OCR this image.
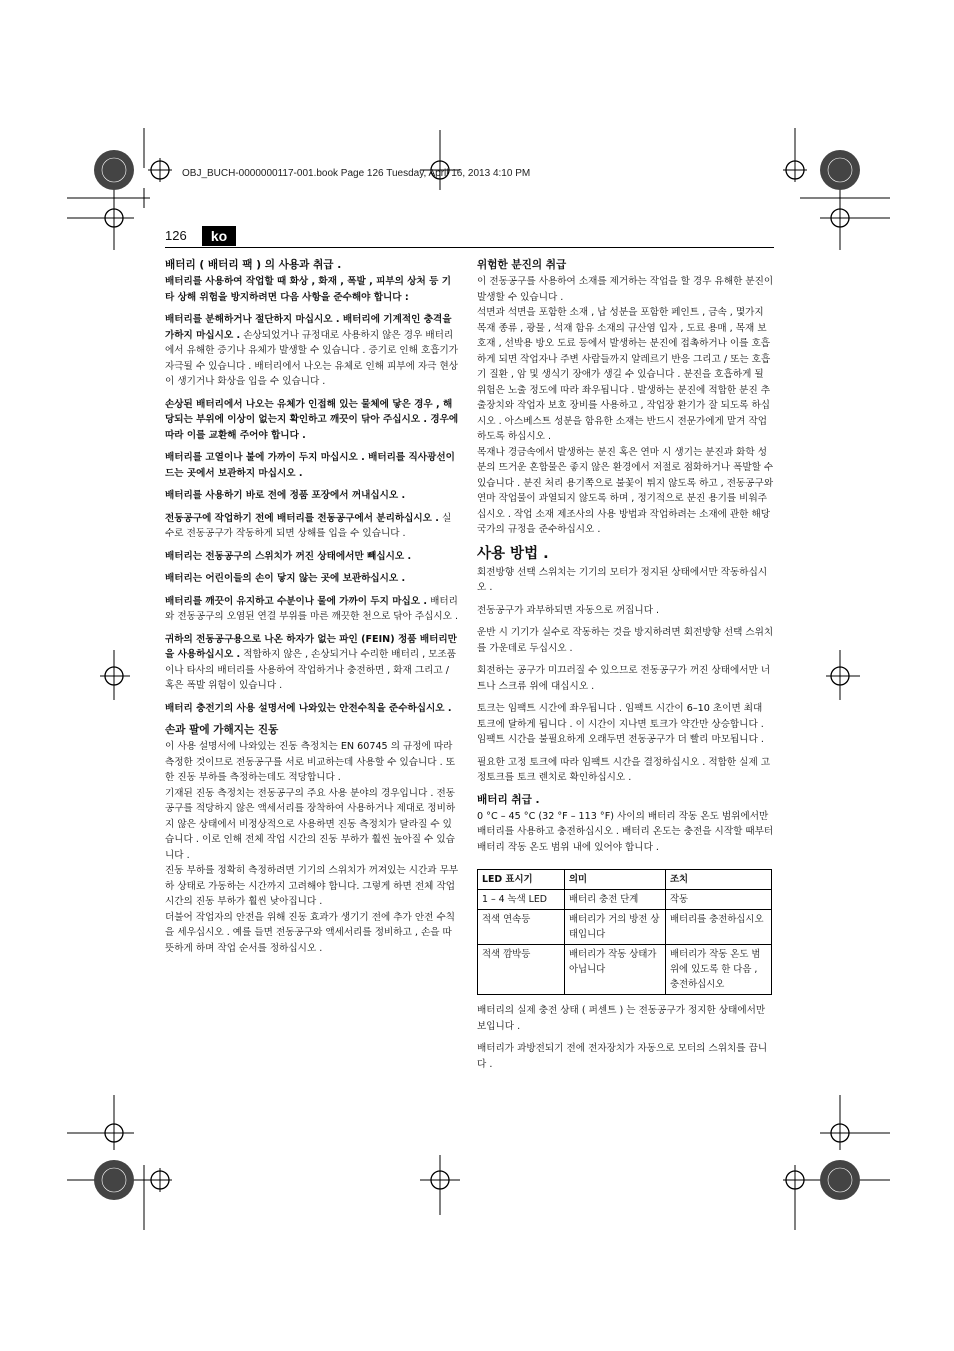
OBJ_BUCH-0000000117-001.book Page 126 Tuesday, April 16, 2013 4:10 PM
126	ko
배터리 ( 배터리 팩 ) 의 사용과 취급 .

배터리를 사용하여 작업할 때 화상 , 화재 , 폭발 , 피부의 상처 등 기타 상해 위험을 방지하려면 다음 사항을 준수해야 합니다 :

배터리를 분해하거나 절단하지 마십시오 . 배터리에 기계적인 충격을 가하지 마십시오 . 손상되었거나 규정대로 사용하지 않은 경우 배터리에서 유해한 증기나 유체가 발생할 수 있습니다 . 증기로 인해 호흡기가 자극될 수 있습니다 . 배터리에서 나오는 유체로 인해 피부에 자극 현상이 생기거나 화상을 입을 수 있습니다 .

손상된 배터리에서 나오는 유체가 인접해 있는 물체에 닿은 경우 , 해당되는 부위에 이상이 없는지 확인하고 깨끗이 닦아 주십시오 . 경우에 따라 이를 교환해 주어야 합니다 .

배터리를 고열이나 불에 가까이 두지 마십시오 . 배터리를 직사광선이 드는 곳에서 보관하지 마십시오 .

배터리를 사용하기 바로 전에 정품 포장에서 꺼내십시오 .

전동공구에 작업하기 전에 배터리를 전동공구에서 분리하십시오 . 실수로 전동공구가 작동하게 되면 상해를 입을 수 있습니다 .

배터리는 전동공구의 스위치가 꺼진 상태에서만 빼십시오 .

배터리는 어린이들의 손이 닿지 않는 곳에 보관하십시오 .

배터리를 깨끗이 유지하고 수분이나 물에 가까이 두지 마십오 . 배터리와 전동공구의 오염된 연결 부위를 마른 깨끗한 천으로 닦아 주십시오 .

귀하의 전동공구용으로 나온 하자가 없는 파인 (FEIN) 정품 배터리만을 사용하십시오 . 적합하지 않은 , 손상되거나 수리한 배터리 , 모조품이나 타사의 배터리를 사용하여 작업하거나 충전하면 , 화재 그리고 / 혹은 폭발 위험이 있습니다 .

배터리 충전기의 사용 설명서에 나와있는 안전수칙을 준수하십시오 .

손과 팔에 가해지는 진동

이 사용 설명서에 나와있는 진동 측정치는 EN 60745 의 규정에 따라 측정한 것이므로 전동공구를 서로 비교하는데 사용할 수 있습니다 . 또한 진동 부하를 측정하는데도 적당합니다 .

기재된 진동 측정치는 전동공구의 주요 사용 분야의 경우입니다 . 전동공구를 적당하지 않은 액세서리를 장착하여 사용하거나 제대로 정비하지 않은 상태에서 비정상적으로 사용하면 진동 측정치가 달라질 수 있습니다 . 이로 인해 전체 작업 시간의 진동 부하가 훨씬 높아질 수 있습니다 .

진동 부하를 정확히 측정하려면 기기의 스위치가 꺼져있는 시간과 무부하 상태로 가동하는 시간까지 고려해야 합니다. 그렇게 하면 전체 작업 시간의 진동 부하가 훨씬 낮아집니다 .

더불어 작업자의 안전을 위해 진동 효과가 생기기 전에 추가 안전 수칙을 세우십시오 . 예를 들면 전동공구와 액세서리를 정비하고 , 손을 따뜻하게 하며 작업 순서를 정하십시오 .

위험한 분진의 취급

이 전동공구를 사용하여 소재를 제거하는 작업을 할 경우 유해한 분진이 발생할 수 있습니다 .

석면과 석면을 포함한 소재 , 납 성분을 포함한 페인트 , 금속 , 몇가지 목재 종류 , 광물 , 석재 함유 소재의 규산염 입자 , 도료 용매 , 목재 보호재 , 선박용 방오 도료 등에서 발생하는 분진에 접촉하거나 이를 호흡하게 되면 작업자나 주변 사람들까지 알레르기 반응 그리고 / 또는 호흡기 질환 , 암 및 생식기 장애가 생길 수 있습니다 . 분진을 호흡하게 될 위험은 노출 정도에 따라 좌우됩니다 . 발생하는 분진에 적합한 분진 추출장치와 작업자 보호 장비를 사용하고 , 작업장 환기가 잘 되도록 하십시오 . 아스베스트 성분을 함유한 소재는 반드시 전문가에게 맡겨 작업하도록 하십시오 .

목재나 경금속에서 발생하는 분진 혹은 연마 시 생기는 분진과 화학 성분의 뜨거운 혼합물은 좋지 않은 환경에서 저절로 점화하거나 폭발할 수 있습니다 . 분진 처리 용기쪽으로 불꽃이 튀지 않도록 하고 , 전동공구와 연마 작업물이 과열되지 않도록 하며 , 정기적으로 분진 용기를 비워주십시오 . 작업 소재 제조사의 사용 방법과 작업하려는 소재에 관한 해당 국가의 규정을 준수하십시오 .

사용 방법 .

회전방향 선택 스위치는 기기의 모터가 정지된 상태에서만 작동하십시오 .

전동공구가 과부하되면 자동으로 꺼집니다 .

운반 시 기기가 실수로 작동하는 것을 방지하려면 회전방향 선택 스위치를 가운데로 두십시오 .

회전하는 공구가 미끄러질 수 있으므로 전동공구가 꺼진 상태에서만 너트나 스크류 위에 대십시오 .

토크는 임팩트 시간에 좌우됩니다 . 임팩트 시간이 6–10 초이면 최대 토크에 달하게 됩니다 . 이 시간이 지나면 토크가 약간만 상승합니다 . 임팩트 시간을 불필요하게 오래두면 전동공구가 더 빨리 마모됩니다 .

필요한 고정 토크에 따라 임팩트 시간을 결정하십시오 . 적합한 실제 고정토크를 토크 렌치로 확인하십시오 .

배터리 취급 .

0 °C – 45 °C (32 °F – 113 °F) 사이의 배터리 작동 온도 범위에서만 배터리를 사용하고 충전하십시오 . 배터리 온도는 충전을 시작할 때부터 배터리 작동 온도 범위 내에 있어야 합니다 .

LED 표시기	의미	조치
1 – 4 녹색 LED	배터리 충전 단계	작동
적색 연속등	배터리가 거의 방전 상태입니다	배터리를 충전하십시오
적색 깜박등	배터리가 작동 상태가 아닙니다	배터리가 작동 온도 범위에 있도록 한 다음 , 충전하십시오

배터리의 실제 충전 상태 ( 퍼센트 ) 는 전동공구가 정지한 상태에서만 보입니다 .

배터리가 과방전되기 전에 전자장치가 자동으로 모터의 스위치를 끕니다 .
